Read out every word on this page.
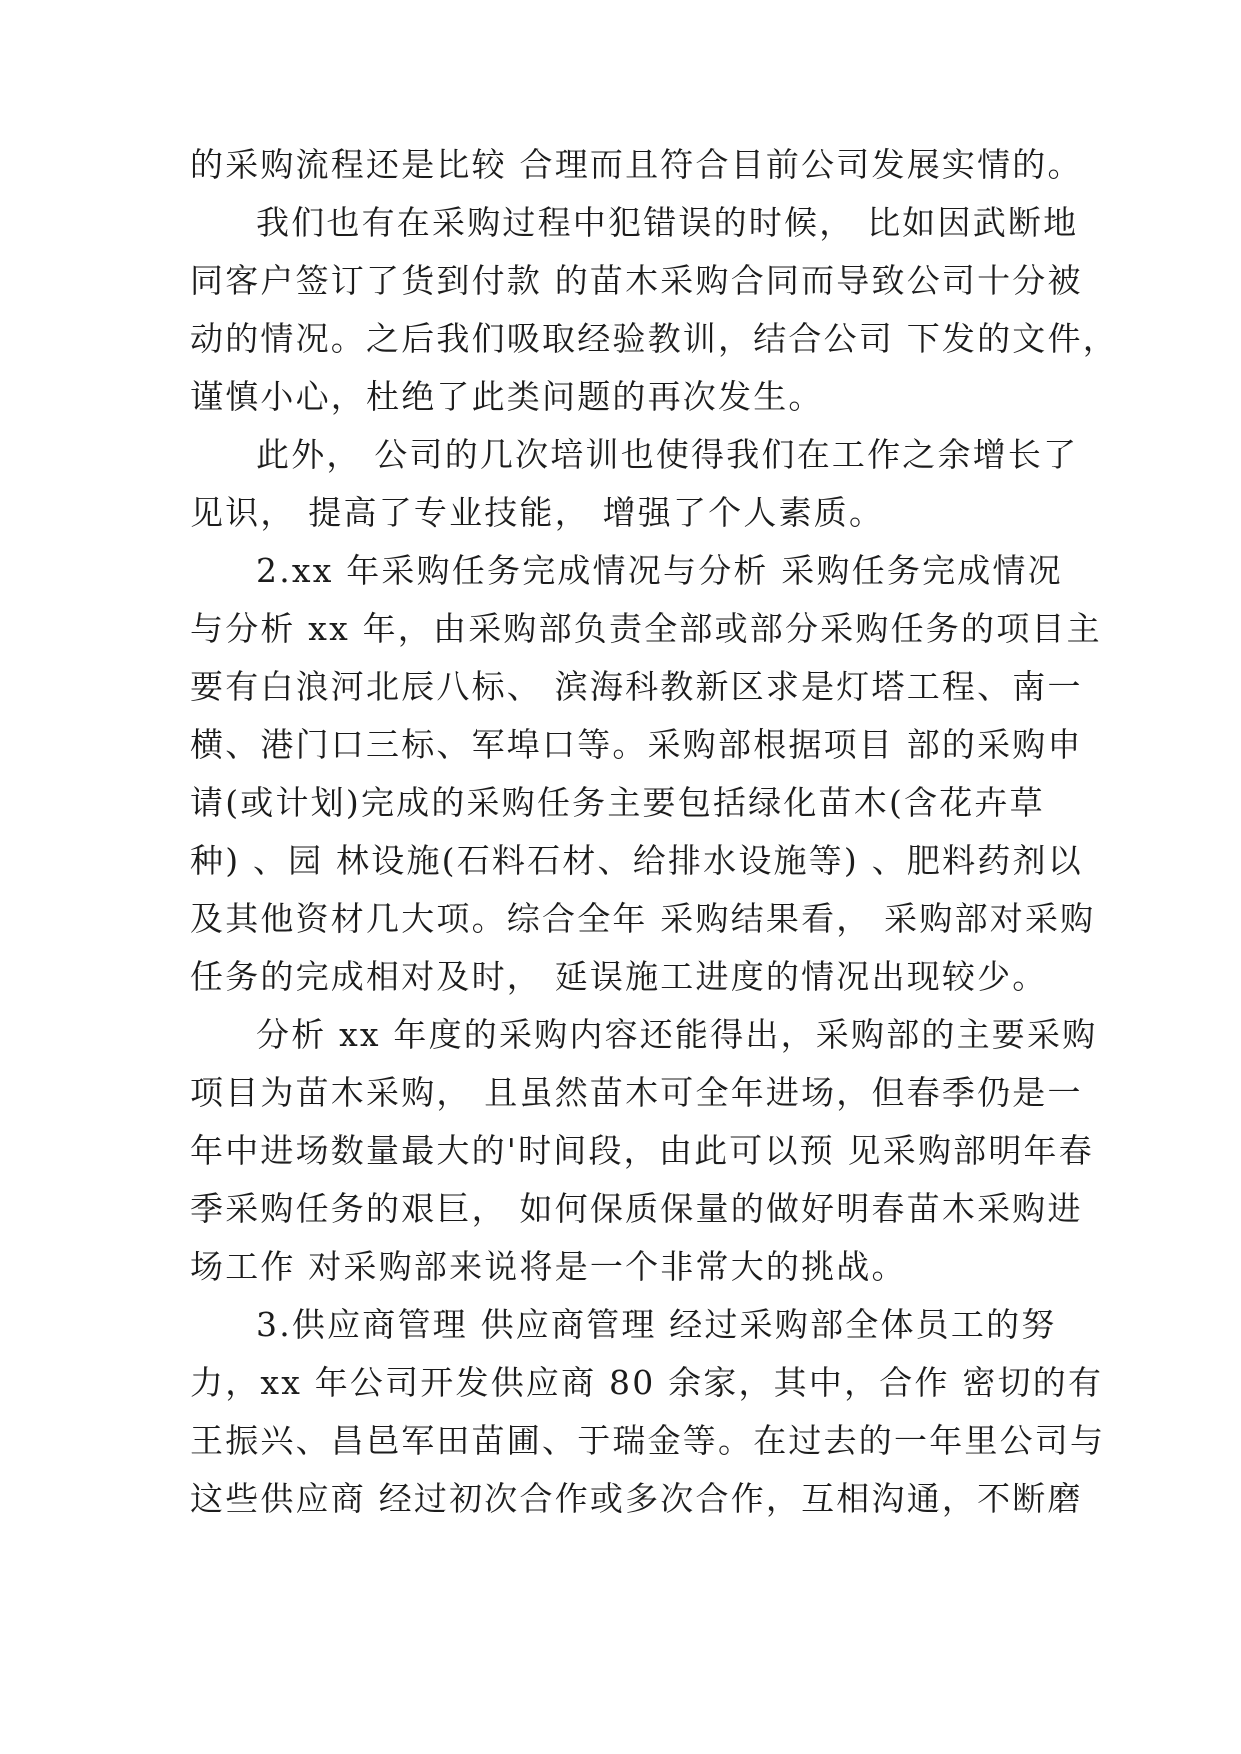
的采购流程还是比较 合理而且符合目前公司发展实情的。
我们也有在采购过程中犯错误的时候， 比如因武断地
同客户签订了货到付款 的苗木采购合同而导致公司十分被
动的情况。之后我们吸取经验教训，结合公司 下发的文件，
谨慎小心，杜绝了此类问题的再次发生。
此外， 公司的几次培训也使得我们在工作之余增长了
见识， 提高了专业技能， 增强了个人素质。
2.xx 年采购任务完成情况与分析 采购任务完成情况
与分析 xx 年，由采购部负责全部或部分采购任务的项目主
要有白浪河北辰八标、 滨海科教新区求是灯塔工程、南一
横、港门口三标、军埠口等。采购部根据项目 部的采购申
请(或计划)完成的采购任务主要包括绿化苗木(含花卉草
种) 、园 林设施(石料石材、给排水设施等) 、肥料药剂以
及其他资材几大项。综合全年 采购结果看， 采购部对采购
任务的完成相对及时， 延误施工进度的情况出现较少。
分析 xx 年度的采购内容还能得出，采购部的主要采购
项目为苗木采购， 且虽然苗木可全年进场，但春季仍是一
年中进场数量最大的'时间段，由此可以预 见采购部明年春
季采购任务的艰巨， 如何保质保量的做好明春苗木采购进
场工作 对采购部来说将是一个非常大的挑战。
3.供应商管理 供应商管理 经过采购部全体员工的努
力，xx 年公司开发供应商 80 余家，其中，合作 密切的有
王振兴、昌邑军田苗圃、于瑞金等。在过去的一年里公司与
这些供应商 经过初次合作或多次合作，互相沟通，不断磨
